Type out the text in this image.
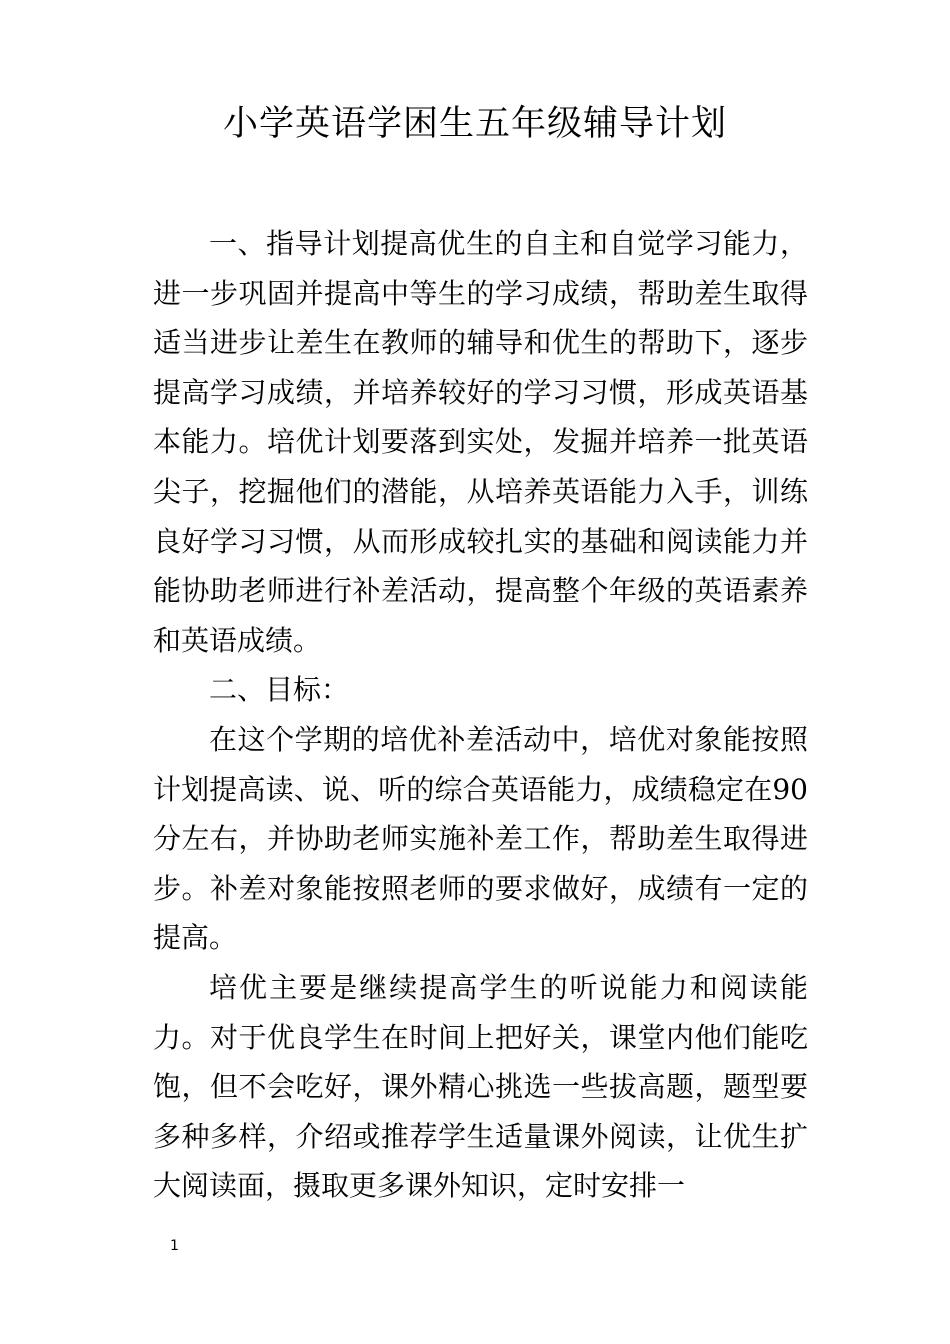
小学英语学困生五年级辅导计划

一、指导计划提高优生的自主和自觉学习能力，进一步巩固并提高中等生的学习成绩，帮助差生取得适当进步让差生在教师的辅导和优生的帮助下，逐步提高学习成绩，并培养较好的学习习惯，形成英语基本能力。培优计划要落到实处，发掘并培养一批英语尖子，挖掘他们的潜能，从培养英语能力入手，训练良好学习习惯，从而形成较扎实的基础和阅读能力并能协助老师进行补差活动，提高整个年级的英语素养和英语成绩。

二、目标：

在这个学期的培优补差活动中，培优对象能按照计划提高读、说、听的综合英语能力，成绩稳定在90分左右，并协助老师实施补差工作，帮助差生取得进步。补差对象能按照老师的要求做好，成绩有一定的提高。

培优主要是继续提高学生的听说能力和阅读能力。对于优良学生在时间上把好关，课堂内他们能吃饱，但不会吃好，课外精心挑选一些拔高题，题型要多种多样，介绍或推荐学生适量课外阅读，让优生扩大阅读面，摄取更多课外知识，定时安排一

1
